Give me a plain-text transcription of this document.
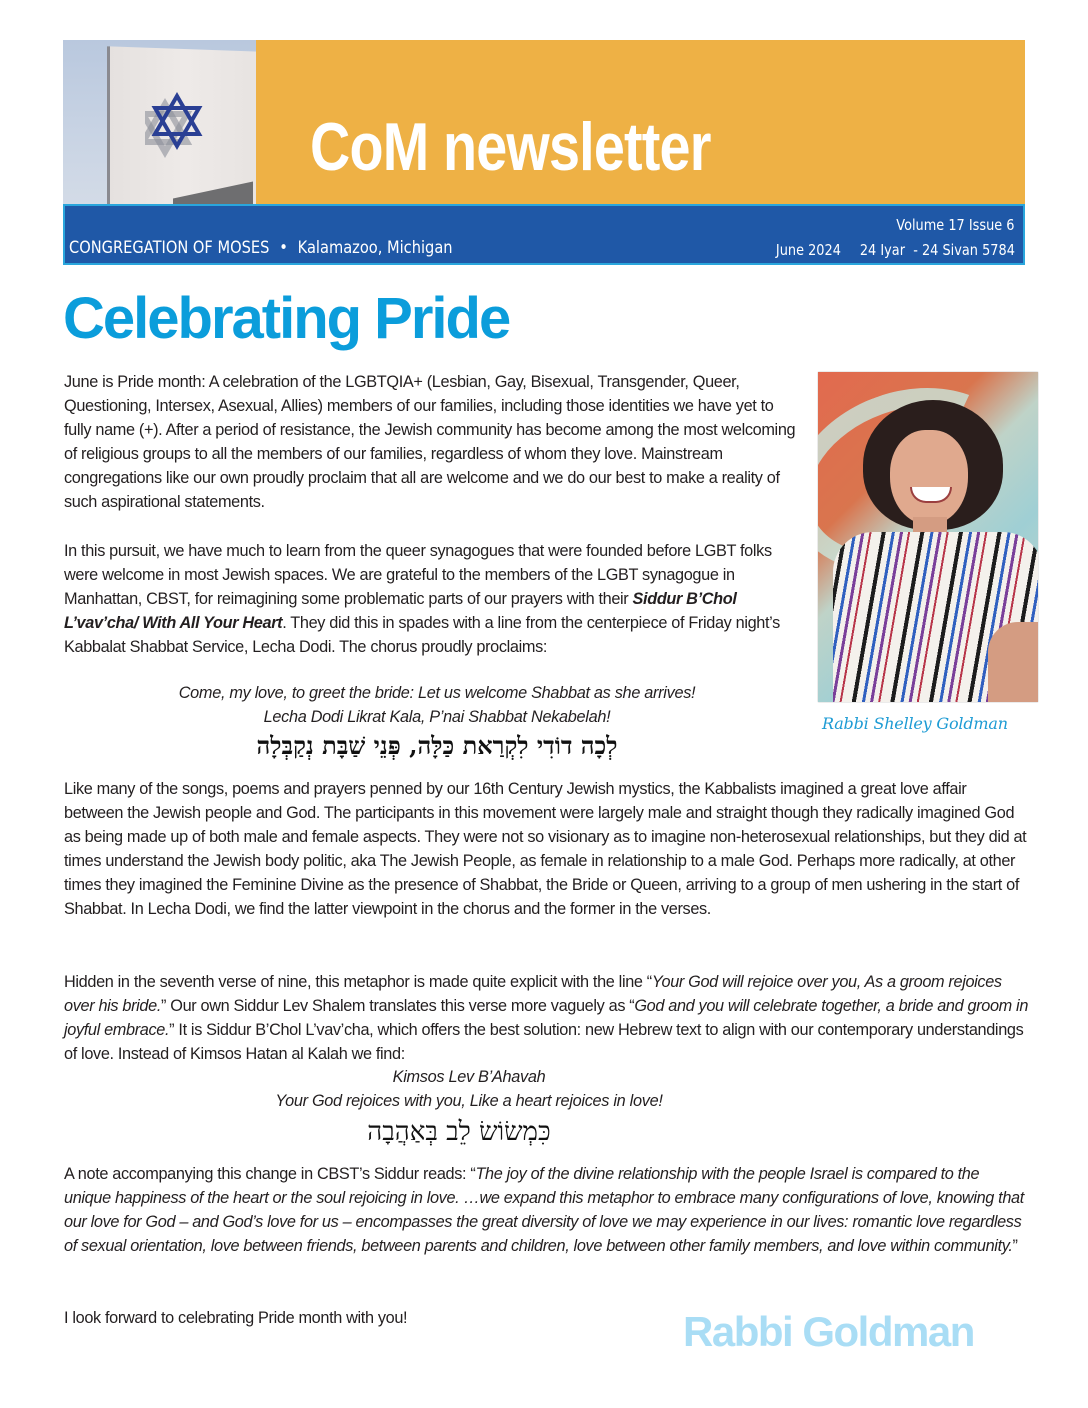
CoM newsletter
CONGREGATION OF MOSES • Kalamazoo, Michigan
Volume 17 Issue 6
June 2024 24 Iyar  - 24 Sivan 5784
Celebrating Pride

June is Pride month: A celebration of the LGBTQIA+ (Lesbian, Gay, Bisexual, Transgender, Queer, Questioning, Intersex, Asexual, Allies) members of our families, including those identities we have yet to fully name (+). After a period of resistance, the Jewish community has become among the most welcoming of religious groups to all the members of our families, regardless of whom they love. Mainstream congregations like our own proudly proclaim that all are welcome and we do our best to make a reality of such aspirational statements.

In this pursuit, we have much to learn from the queer synagogues that were founded before LGBT folks were welcome in most Jewish spaces. We are grateful to the members of the LGBT synagogue in Manhattan, CBST, for reimagining some problematic parts of our prayers with their Siddur B’Chol L’vav’cha/ With All Your Heart. They did this in spades with a line from the centerpiece of Friday night’s Kabbalat Shabbat Service, Lecha Dodi. The chorus proudly proclaims:

Come, my love, to greet the bride: Let us welcome Shabbat as she arrives!
Lecha Dodi Likrat Kala, P’nai Shabbat Nekabelah!
לְכָה דוֹדִי לִקְרַאת כַּלָּה, פְּנֵי שַׁבָּת נְקַבְּלָה
Rabbi Shelley Goldman

Like many of the songs, poems and prayers penned by our 16th Century Jewish mystics, the Kabbalists imagined a great love affair between the Jewish people and God. The participants in this movement were largely male and straight though they radically imagined God as being made up of both male and female aspects. They were not so visionary as to imagine non-heterosexual relationships, but they did at times understand the Jewish body politic, aka The Jewish People, as female in relationship to a male God. Perhaps more radically, at other times they imagined the Feminine Divine as the presence of Shabbat, the Bride or Queen, arriving to a group of men ushering in the start of Shabbat. In Lecha Dodi, we find the latter viewpoint in the chorus and the former in the verses.

Hidden in the seventh verse of nine, this metaphor is made quite explicit with the line “Your God will rejoice over you, As a groom rejoices over his bride.” Our own Siddur Lev Shalem translates this verse more vaguely as “God and you will celebrate together, a bride and groom in joyful embrace.” It is Siddur B’Chol L’vav’cha, which offers the best solution: new Hebrew text to align with our contemporary understandings of love. Instead of Kimsos Hatan al Kalah we find:

Kimsos Lev B’Ahavah
Your God rejoices with you, Like a heart rejoices in love!
כִּמְשׂוֹשׂ לֵב בְּאַהֲבָה

A note accompanying this change in CBST’s Siddur reads: “The joy of the divine relationship with the people Israel is compared to the unique happiness of the heart or the soul rejoicing in love. …we expand this metaphor to embrace many configurations of love, knowing that our love for God – and God’s love for us – encompasses the great diversity of love we may experience in our lives: romantic love regardless of sexual orientation, love between friends, between parents and children, love between other family members, and love within community.”

I look forward to celebrating Pride month with you!	Rabbi Goldman
